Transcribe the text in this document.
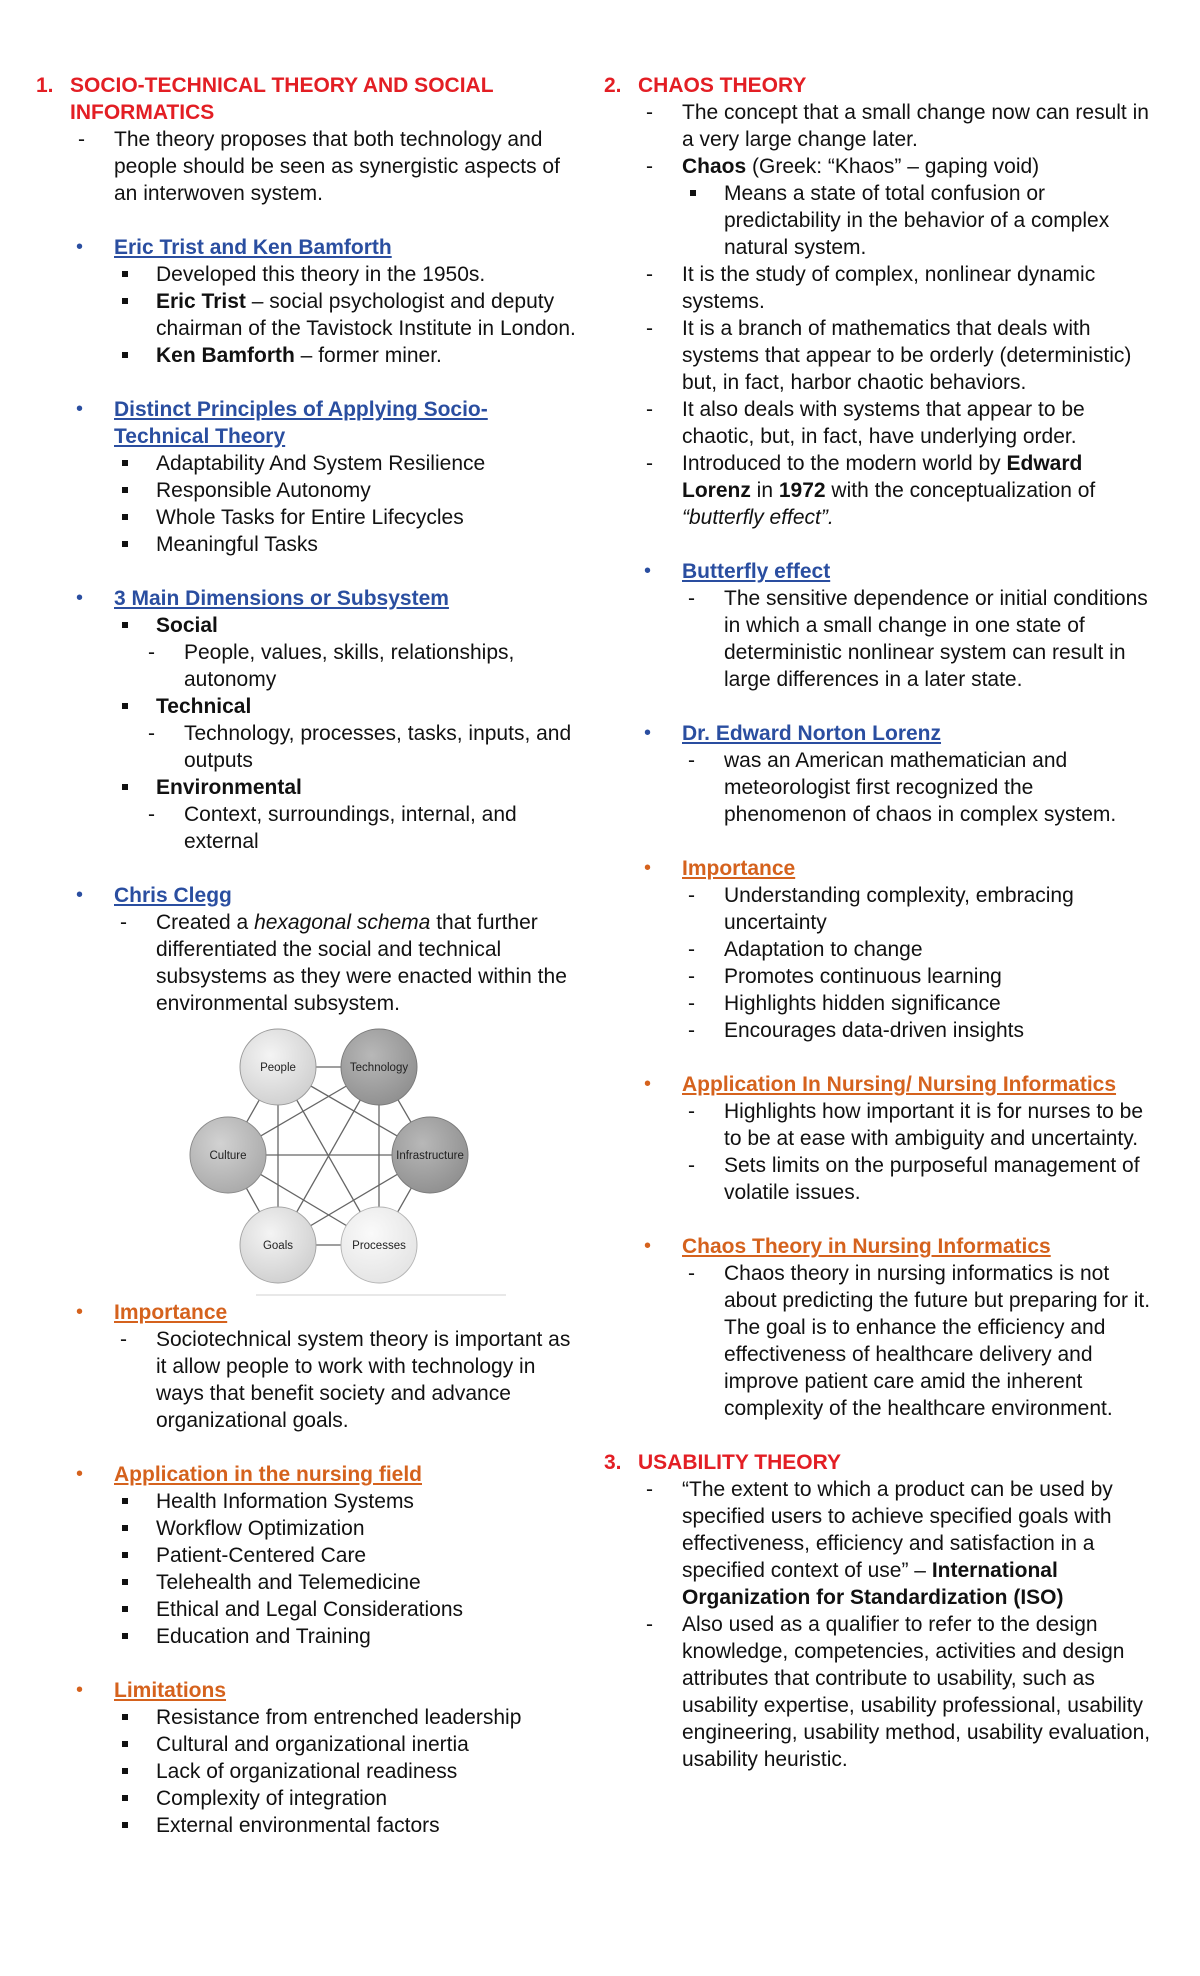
1. SOCIO-TECHNICAL THEORY AND SOCIAL INFORMATICS
- The theory proposes that both technology and people should be seen as synergistic aspects of an interwoven system.
• Eric Trist and Ken Bamforth
Developed this theory in the 1950s.
Eric Trist – social psychologist and deputy chairman of the Tavistock Institute in London.
Ken Bamforth – former miner.
• Distinct Principles of Applying Socio-Technical Theory
Adaptability And System Resilience
Responsible Autonomy
Whole Tasks for Entire Lifecycles
Meaningful Tasks
• 3 Main Dimensions or Subsystem
Social
- People, values, skills, relationships, autonomy
Technical
- Technology, processes, tasks, inputs, and outputs
Environmental
- Context, surroundings, internal, and external
• Chris Clegg
- Created a hexagonal schema that further differentiated the social and technical subsystems as they were enacted within the environmental subsystem.
People	Technology
Infrastructure
Processes
Goals
Culture
• Importance
- Sociotechnical system theory is important as it allow people to work with technology in ways that benefit society and advance organizational goals.
• Application in the nursing field
Health Information Systems
Workflow Optimization
Patient-Centered Care
Telehealth and Telemedicine
Ethical and Legal Considerations
Education and Training
• Limitations
Resistance from entrenched leadership
Cultural and organizational inertia
Lack of organizational readiness
Complexity of integration
External environmental factors
2. CHAOS THEORY
- The concept that a small change now can result in a very large change later.
- Chaos (Greek: “Khaos” – gaping void)
Means a state of total confusion or predictability in the behavior of a complex natural system.
- It is the study of complex, nonlinear dynamic systems.
- It is a branch of mathematics that deals with systems that appear to be orderly (deterministic) but, in fact, harbor chaotic behaviors.
- It also deals with systems that appear to be chaotic, but, in fact, have underlying order.
- Introduced to the modern world by Edward Lorenz in 1972 with the conceptualization of “butterfly effect”.
• Butterfly effect
- The sensitive dependence or initial conditions in which a small change in one state of deterministic nonlinear system can result in large differences in a later state.
• Dr. Edward Norton Lorenz
- was an American mathematician and meteorologist first recognized the phenomenon of chaos in complex system.
• Importance
- Understanding complexity, embracing uncertainty
- Adaptation to change
- Promotes continuous learning
- Highlights hidden significance
- Encourages data-driven insights
• Application In Nursing/ Nursing Informatics
- Highlights how important it is for nurses to be to be at ease with ambiguity and uncertainty.
- Sets limits on the purposeful management of volatile issues.
• Chaos Theory in Nursing Informatics
- Chaos theory in nursing informatics is not about predicting the future but preparing for it. The goal is to enhance the efficiency and effectiveness of healthcare delivery and improve patient care amid the inherent complexity of the healthcare environment.
3. USABILITY THEORY
- “The extent to which a product can be used by specified users to achieve specified goals with effectiveness, efficiency and satisfaction in a specified context of use” – International Organization for Standardization (ISO)
- Also used as a qualifier to refer to the design knowledge, competencies, activities and design attributes that contribute to usability, such as usability expertise, usability professional, usability engineering, usability method, usability evaluation, usability heuristic.
